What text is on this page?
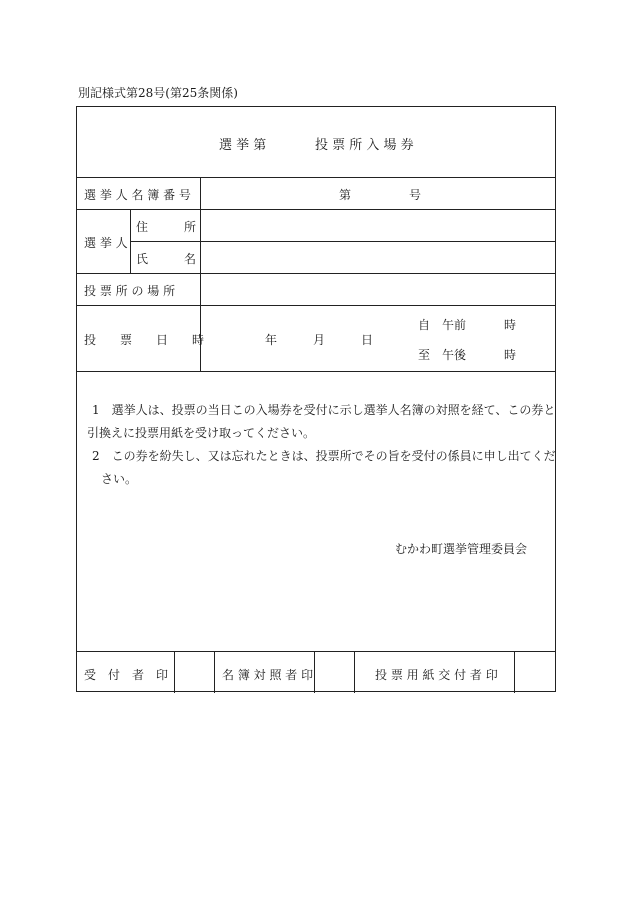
別記様式第28号(第25条関係)
選 挙 第	投 票 所 入 場 券
選 挙 人 名 簿 番 号	第	号
選 挙 人
住	所
氏	名
投 票 所 の 場 所
投　　票　　日　　時	年	月	日
自　午前	時
至　午後	時
1　選挙人は、投票の当日この入場券を受付に示し選挙人名簿の対照を経て、この券と
引換えに投票用紙を受け取ってください。
2　この券を紛失し、又は忘れたときは、投票所でその旨を受付の係員に申し出てくだ
さい。
むかわ町選挙管理委員会
受　付　者　印	名 簿 対 照 者 印	投 票 用 紙 交 付 者 印
